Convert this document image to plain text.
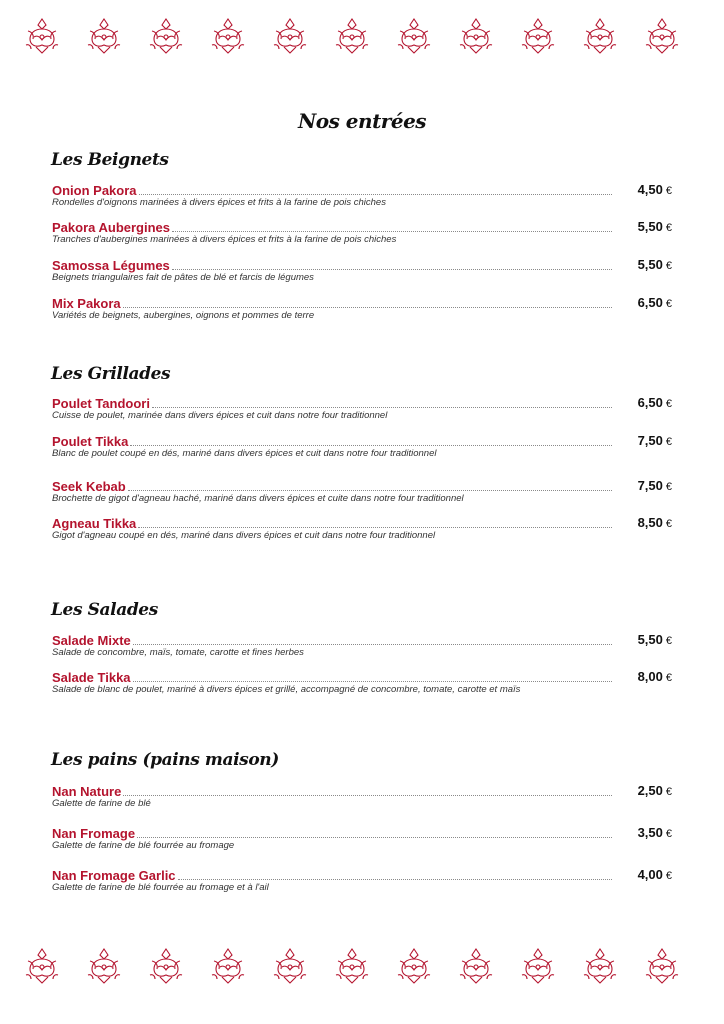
Nos entrées
Les Beignets
Les Grillades
Les Salades
Les pains (pains maison)
Onion Pakora	4,50 €
Rondelles d'oignons marinées à divers épices et frits à la farine de pois chiches
Pakora Aubergines	5,50 €
Tranches d'aubergines marinées à divers épices et frits à la farine de pois chiches
Samossa Légumes	5,50 €
Beignets triangulaires fait de pâtes de blé et farcis de légumes
Mix Pakora	6,50 €
Variétés de beignets, aubergines, oignons et pommes de terre
Poulet Tandoori	6,50 €
Cuisse de poulet, marinée dans divers épices et cuit dans notre four traditionnel
Poulet Tikka	7,50 €
Blanc de poulet coupé en dés, mariné dans divers épices et cuit dans notre four traditionnel
Seek Kebab	7,50 €
Brochette de gigot d'agneau haché, mariné dans divers épices et cuite dans notre four traditionnel
Agneau Tikka	8,50 €
Gigot d'agneau coupé en dés, mariné dans divers épices et cuit dans notre four traditionnel
Salade Mixte	5,50 €
Salade de concombre, maïs, tomate, carotte et fines herbes
Salade Tikka	8,00 €
Salade de blanc de poulet, mariné à divers épices et grillé, accompagné de concombre, tomate, carotte et maïs
Nan Nature	2,50 €
Galette de farine de blé
Nan Fromage	3,50 €
Galette de farine de blé fourrée au fromage
Nan Fromage Garlic	4,00 €
Galette de farine de blé fourrée au fromage et à l'ail
